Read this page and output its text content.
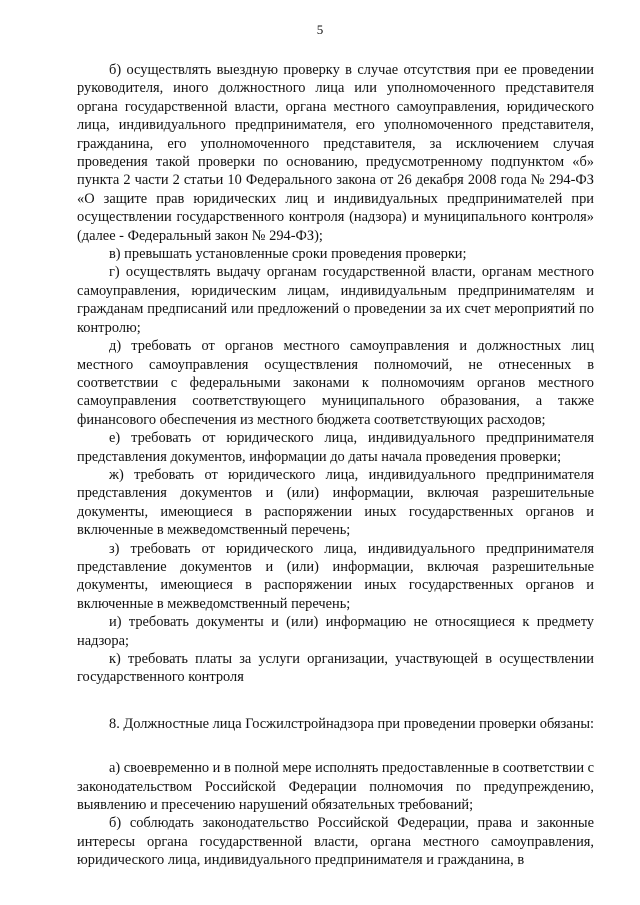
5

б) осуществлять выездную проверку в случае отсутствия при ее проведении руководителя, иного должностного лица или уполномоченного представителя органа государственной власти, органа местного самоуправления, юридического лица, индивидуального предпринимателя, его уполномоченного представителя, гражданина, его уполномоченного представителя, за исключением случая проведения такой проверки по основанию, предусмотренному подпунктом «б» пункта 2 части 2 статьи 10 Федерального закона от 26 декабря 2008 года № 294-ФЗ «О защите прав юридических лиц и индивидуальных предпринимателей при осуществлении государственного контроля (надзора) и муниципального контроля» (далее - Федеральный закон № 294-ФЗ);

в) превышать установленные сроки проведения проверки;

г) осуществлять выдачу органам государственной власти, органам местного самоуправления, юридическим лицам, индивидуальным предпринимателям и гражданам предписаний или предложений о проведении за их счет мероприятий по контролю;

д) требовать от органов местного самоуправления и должностных лиц местного самоуправления осуществления полномочий, не отнесенных в соответствии с федеральными законами к полномочиям органов местного самоуправления соответствующего муниципального образования, а также финансового обеспечения из местного бюджета соответствующих расходов;

е) требовать от юридического лица, индивидуального предпринимателя представления документов, информации до даты начала проведения проверки;

ж) требовать от юридического лица, индивидуального предпринимателя представления документов и (или) информации, включая разрешительные документы, имеющиеся в распоряжении иных государственных органов и включенные в межведомственный перечень;

з) требовать от юридического лица, индивидуального предпринимателя представление документов и (или) информации, включая разрешительные документы, имеющиеся в распоряжении иных государственных органов и включенные в межведомственный перечень;

и) требовать документы и (или) информацию не относящиеся к предмету надзора;

к) требовать платы за услуги организации, участвующей в осуществлении государственного контроля

8. Должностные лица Госжилстройнадзора при проведении проверки обязаны:

а) своевременно и в полной мере исполнять предоставленные в соответствии с законодательством Российской Федерации полномочия по предупреждению, выявлению и пресечению нарушений обязательных требований;

б) соблюдать законодательство Российской Федерации, права и законные интересы органа государственной власти, органа местного самоуправления, юридического лица, индивидуального предпринимателя и гражданина, в
